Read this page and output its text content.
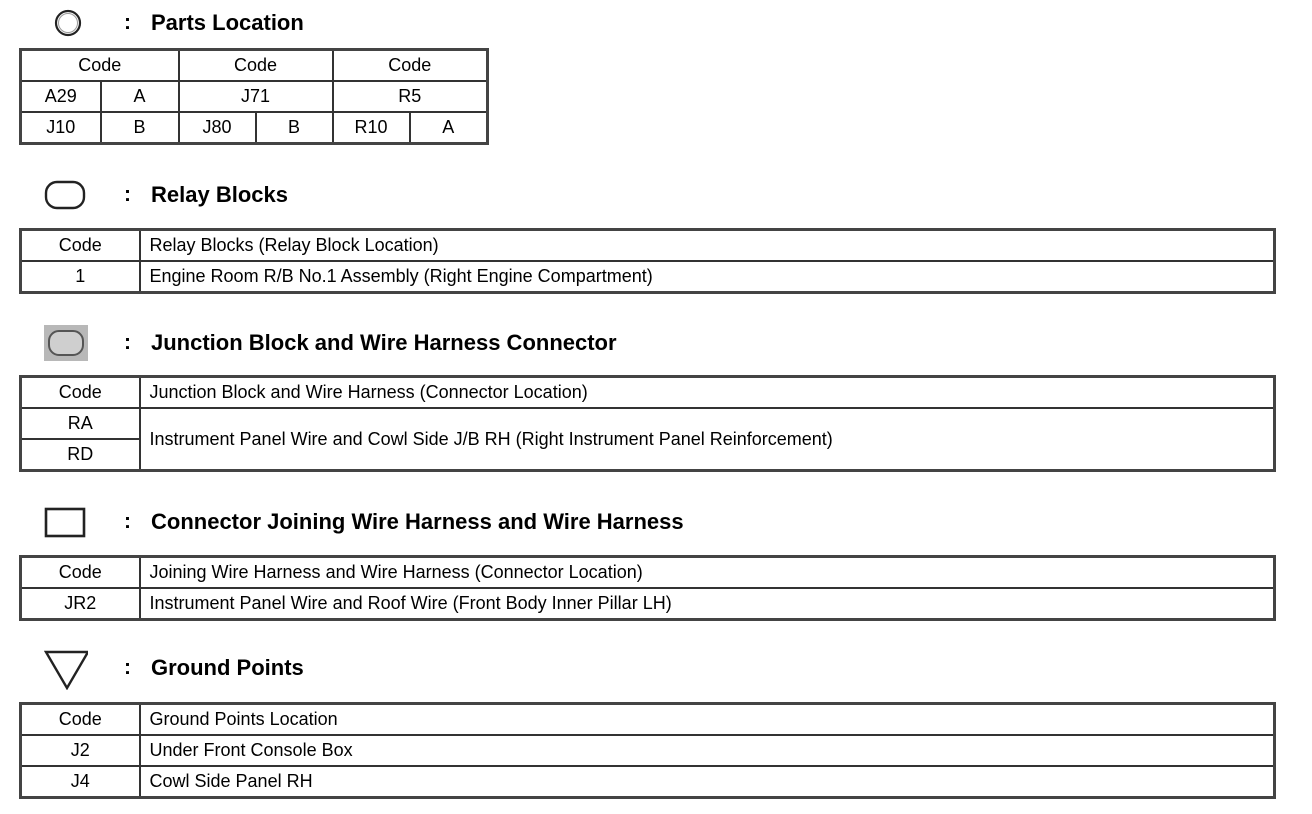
: Parts Location
Code		Code		Code	
A29	A	J71		R5	
J10	B	J80	B	R10	A
: Relay Blocks
Code	Relay Blocks (Relay Block Location)
1	Engine Room R/B No.1 Assembly (Right Engine Compartment)
: Junction Block and Wire Harness Connector
Code	Junction Block and Wire Harness (Connector Location)
RA	Instrument Panel Wire and Cowl Side J/B RH (Right Instrument Panel Reinforcement)
RD	
: Connector Joining Wire Harness and Wire Harness
Code	Joining Wire Harness and Wire Harness (Connector Location)
JR2	Instrument Panel Wire and Roof Wire (Front Body Inner Pillar LH)
: Ground Points
Code	Ground Points Location
J2	Under Front Console Box
J4	Cowl Side Panel RH
